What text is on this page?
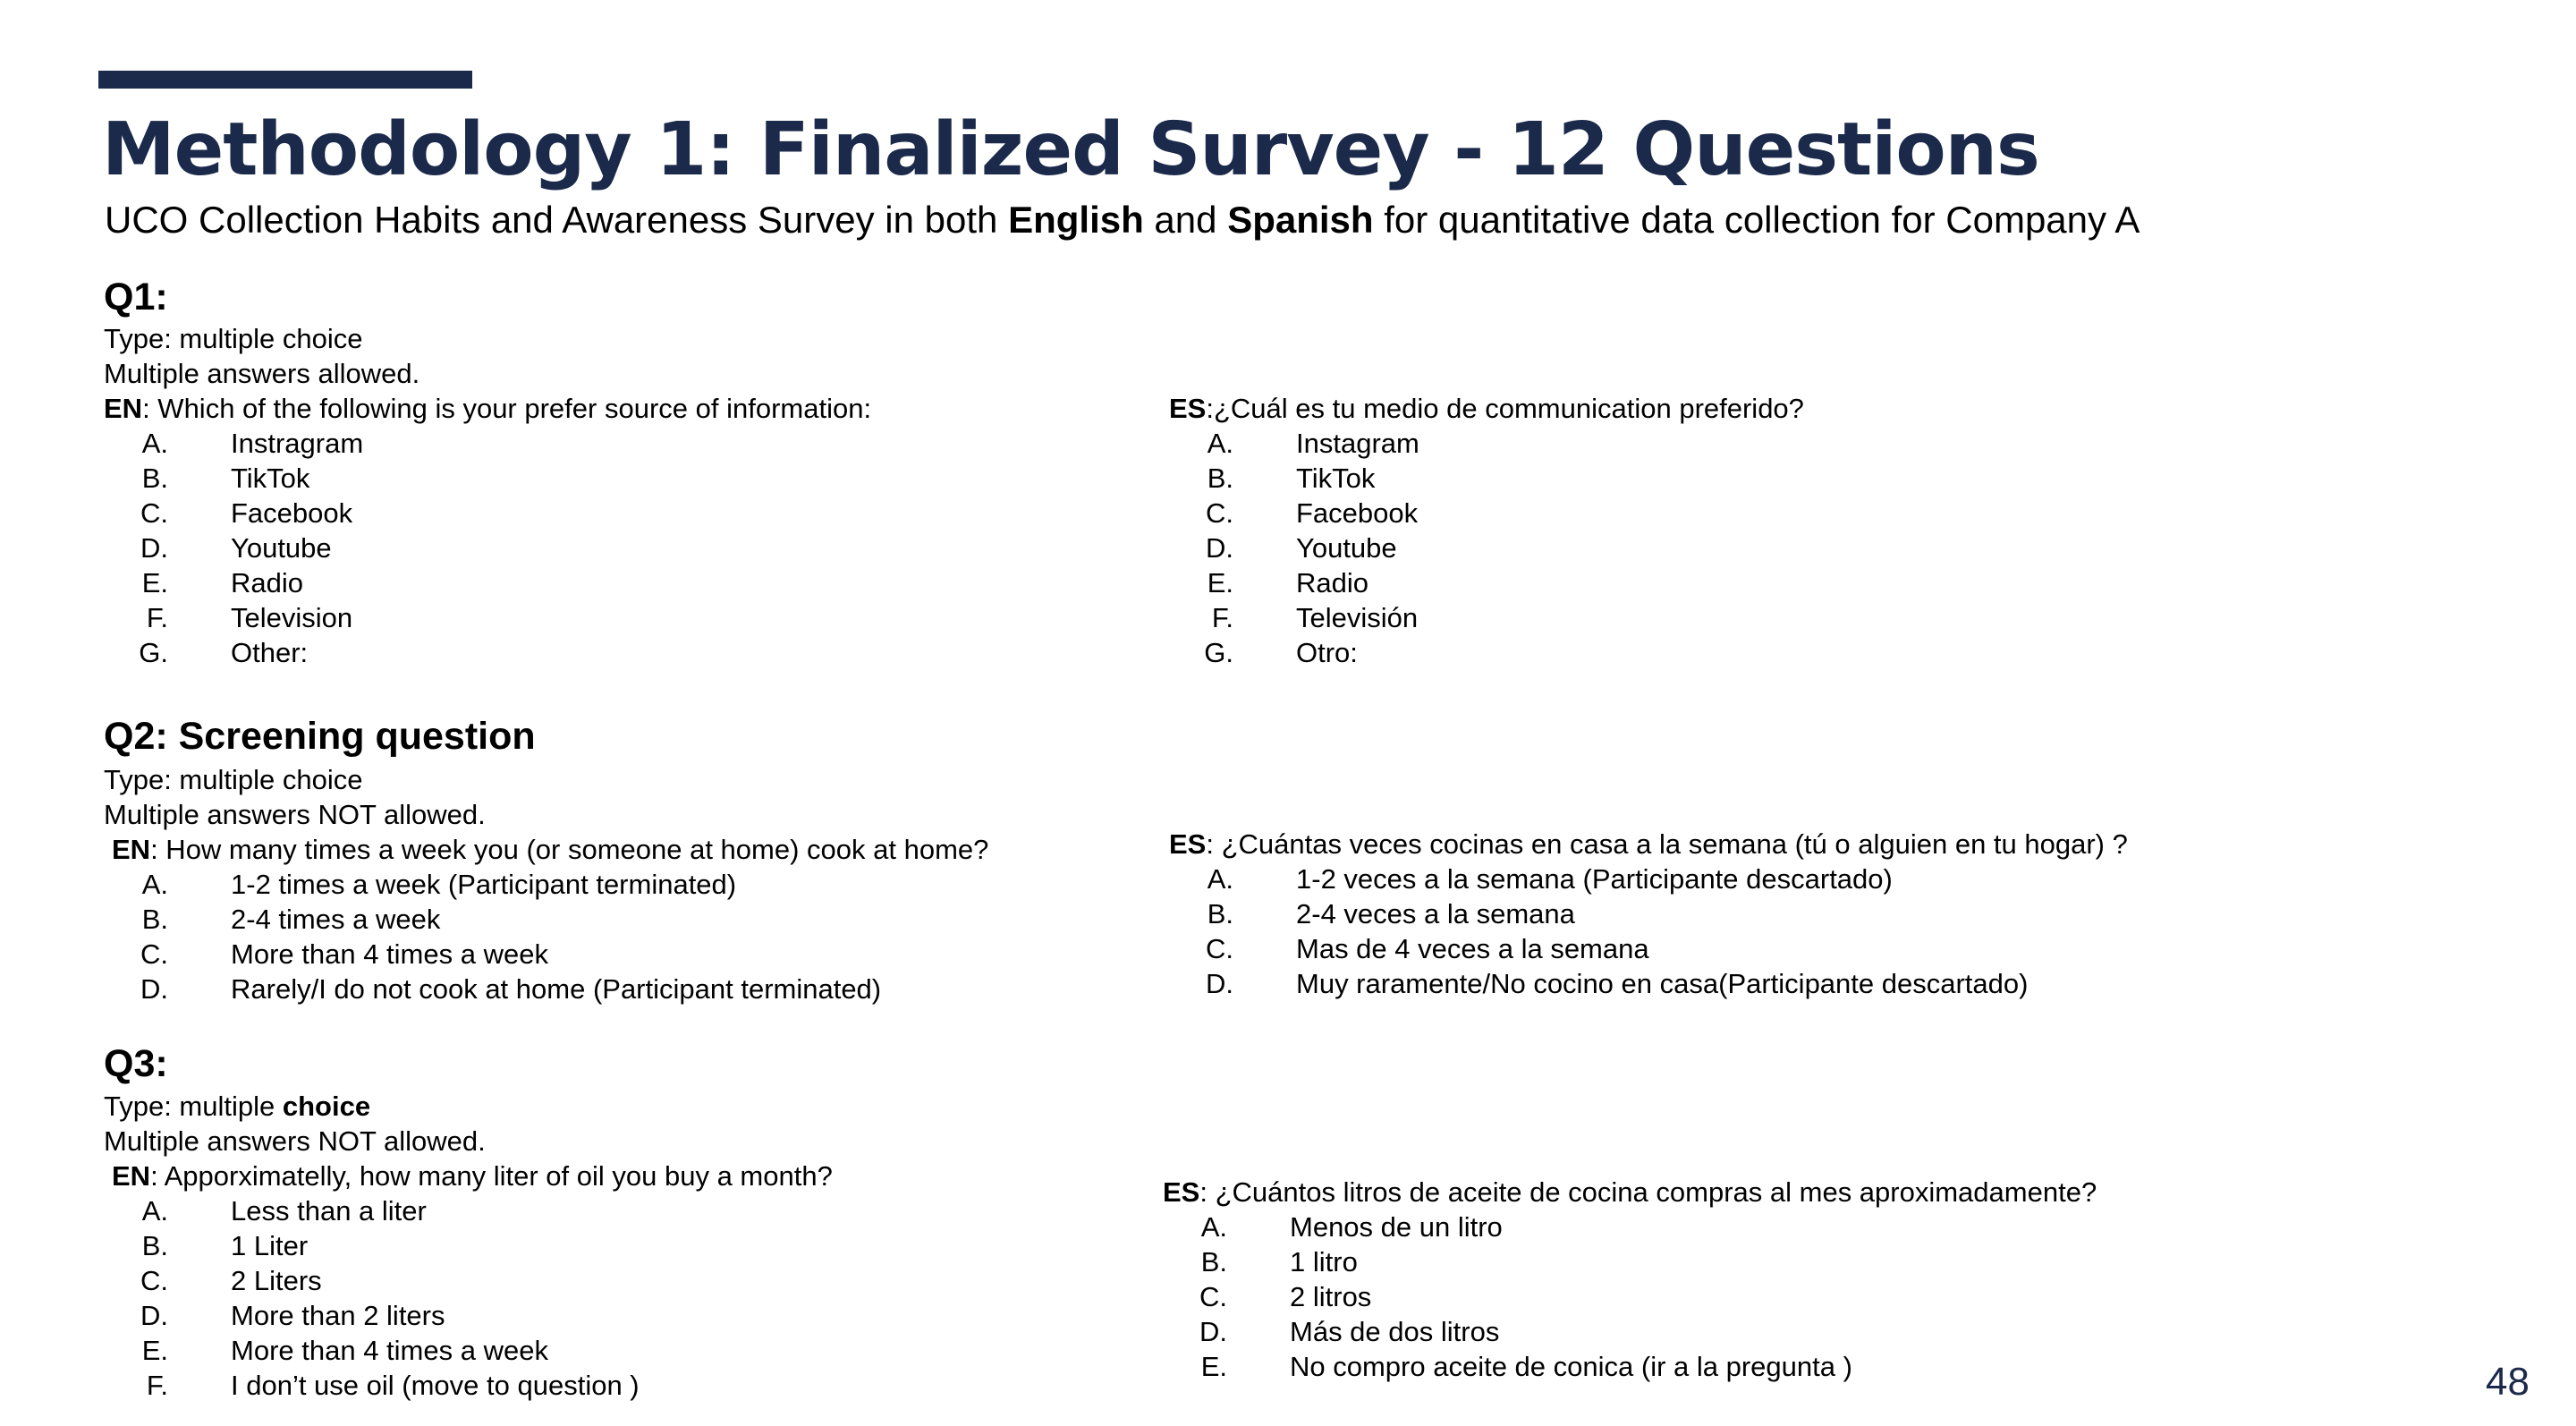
Methodology 1: Finalized Survey - 12 Questions

UCO Collection Habits and Awareness Survey in both English and Spanish for quantitative data collection for Company A

Q1:

Type: multiple choice

Multiple answers allowed.

EN: Which of the following is your prefer source of information:

A. Instragram
B. TikTok
C. Facebook
D. Youtube
E. Radio
F. Television
G. Other:

ES:¿Cuál es tu medio de communication preferido?

A. Instagram
B. TikTok
C. Facebook
D. Youtube
E. Radio
F. Televisión
G. Otro:
Q2: Screening question

Type: multiple choice

Multiple answers NOT allowed.

EN: How many times a week you (or someone at home) cook at home?

A. 1-2 times a week (Participant terminated)
B. 2-4 times a week
C. More than 4 times a week
D. Rarely/I do not cook at home (Participant terminated)

ES: ¿Cuántas veces cocinas en casa a la semana (tú o alguien en tu hogar) ?

A. 1-2 veces a la semana (Participante descartado)
B. 2-4 veces a la semana
C. Mas de 4 veces a la semana
D. Muy raramente/No cocino en casa(Participante descartado)
Q3:

Type: multiple choice

Multiple answers NOT allowed.

EN: Apporximatelly, how many liter of oil you buy a month?

A. Less than a liter
B. 1 Liter
C. 2 Liters
D. More than 2 liters
E. More than 4 times a week
F. I don’t use oil (move to question )

ES: ¿Cuántos litros de aceite de cocina compras al mes aproximadamente?

A. Menos de un litro
B. 1 litro
C. 2 litros
D. Más de dos litros
E. No compro aceite de conica (ir a la pregunta )	48
